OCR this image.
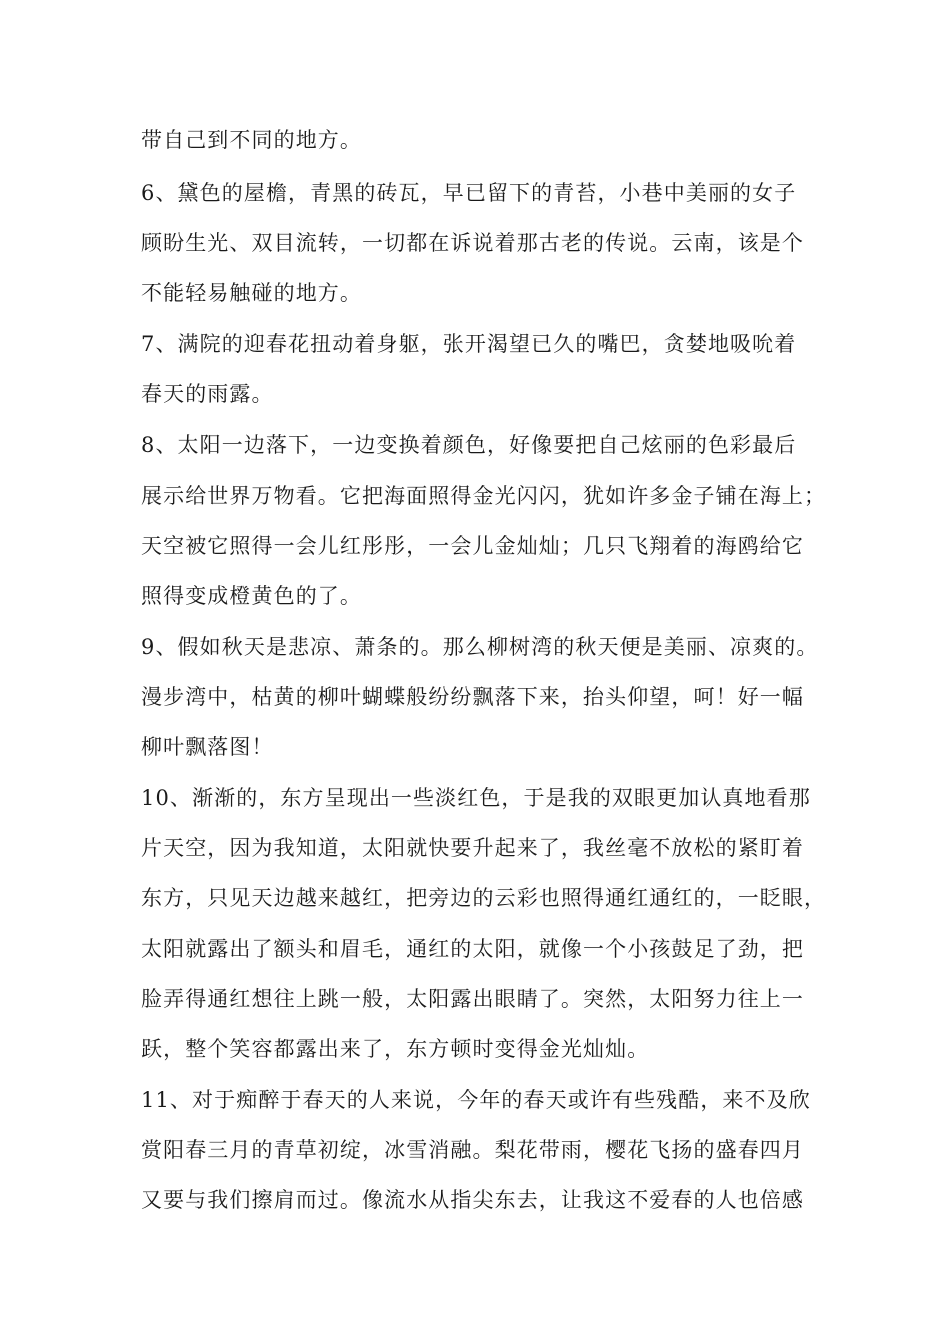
带自己到不同的地方。

6、黛色的屋檐，青黑的砖瓦，早已留下的青苔，小巷中美丽的女子

顾盼生光、双目流转，一切都在诉说着那古老的传说。云南，该是个

不能轻易触碰的地方。

7、满院的迎春花扭动着身躯，张开渴望已久的嘴巴，贪婪地吸吮着

春天的雨露。

8、太阳一边落下，一边变换着颜色，好像要把自己炫丽的色彩最后

展示给世界万物看。它把海面照得金光闪闪，犹如许多金子铺在海上；

天空被它照得一会儿红彤彤，一会儿金灿灿；几只飞翔着的海鸥给它

照得变成橙黄色的了。

9、假如秋天是悲凉、萧条的。那么柳树湾的秋天便是美丽、凉爽的。

漫步湾中，枯黄的柳叶蝴蝶般纷纷飘落下来，抬头仰望，呵！好一幅

柳叶飘落图！

10、渐渐的，东方呈现出一些淡红色，于是我的双眼更加认真地看那

片天空，因为我知道，太阳就快要升起来了，我丝毫不放松的紧盯着

东方，只见天边越来越红，把旁边的云彩也照得通红通红的，一眨眼，

太阳就露出了额头和眉毛，通红的太阳，就像一个小孩鼓足了劲，把

脸弄得通红想往上跳一般，太阳露出眼睛了。突然，太阳努力往上一

跃，整个笑容都露出来了，东方顿时变得金光灿灿。

11、对于痴醉于春天的人来说，今年的春天或许有些残酷，来不及欣

赏阳春三月的青草初绽，冰雪消融。梨花带雨，樱花飞扬的盛春四月

又要与我们擦肩而过。像流水从指尖东去，让我这不爱春的人也倍感
